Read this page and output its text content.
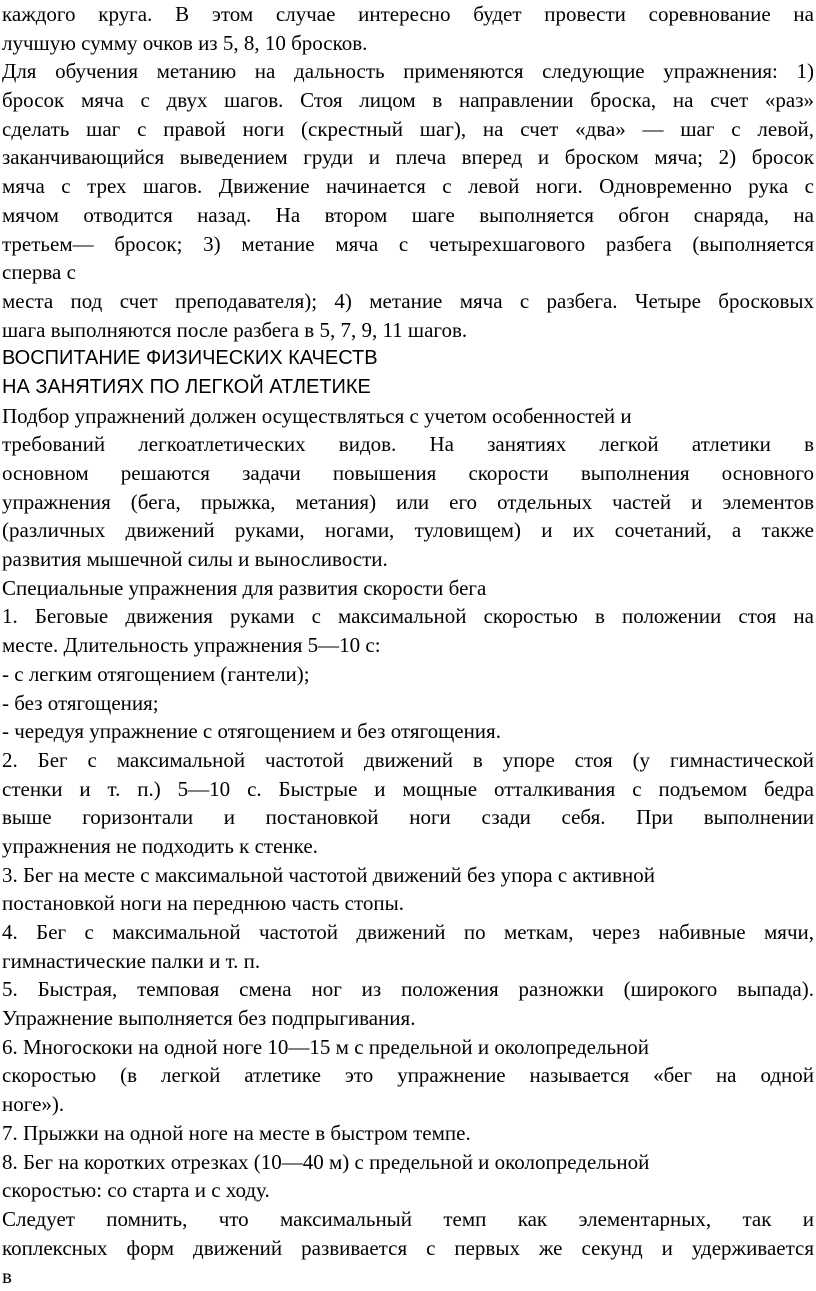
каждого круга. В этом случае интересно будет провести соревнование на
лучшую сумму очков из 5, 8, 10 бросков.
Для обучения метанию на дальность применяются следующие упражнения: 1)
бросок мяча с двух шагов. Стоя лицом в направлении броска, на счет «раз»
сделать шаг с правой ноги (скрестный шаг), на счет «два» — шаг с левой,
заканчивающийся выведением груди и плеча вперед и броском мяча; 2) бросок
мяча с трех шагов. Движение начинается с левой ноги. Одновременно рука с
мячом отводится назад. На втором шаге выполняется обгон снаряда, на
третьем— бросок; 3) метание мяча с четырехшагового разбега (выполняется
сперва с
места под счет преподавателя); 4) метание мяча с разбега. Четыре бросковых
шага выполняются после разбега в 5, 7, 9, 11 шагов.
ВОСПИТАНИЕ ФИЗИЧЕСКИХ КАЧЕСТВ
НА ЗАНЯТИЯХ ПО ЛЕГКОЙ АТЛЕТИКЕ
Подбор упражнений должен осуществляться с учетом особенностей и
требований легкоатлетических видов. На занятиях легкой атлетики в
основном решаются задачи повышения скорости выполнения основного
упражнения (бега, прыжка, метания) или его отдельных частей и элементов
(различных движений руками, ногами, туловищем) и их сочетаний, а также
развития мышечной силы и выносливости.
Специальные упражнения для развития скорости бега
1. Беговые движения руками с максимальной скоростью в положении стоя на
месте. Длительность упражнения 5—10 с:
- с легким отягощением (гантели);
- без отягощения;
- чередуя упражнение с отягощением и без отягощения.
2. Бег с максимальной частотой движений в упоре стоя (у гимнастической
стенки и т. п.) 5—10 с. Быстрые и мощные отталкивания с подъемом бедра
выше горизонтали и постановкой ноги сзади себя. При выполнении
упражнения не подходить к стенке.
3. Бег на месте с максимальной частотой движений без упора с активной
постановкой ноги на переднюю часть стопы.
4. Бег с максимальной частотой движений по меткам, через набивные мячи,
гимнастические палки и т. п.
5. Быстрая, темповая смена ног из положения разножки (широкого выпада).
Упражнение выполняется без подпрыгивания.
6. Многоскоки на одной ноге 10—15 м с предельной и околопредельной
скоростью (в легкой атлетике это упражнение называется «бег на одной
ноге»).
7. Прыжки на одной ноге на месте в быстром темпе.
8. Бег на коротких отрезках (10—40 м) с предельной и околопредельной
скоростью: со старта и с ходу.
Следует помнить, что максимальный темп как элементарных, так и
коплексных форм движений развивается с первых же секунд и удерживается
в
